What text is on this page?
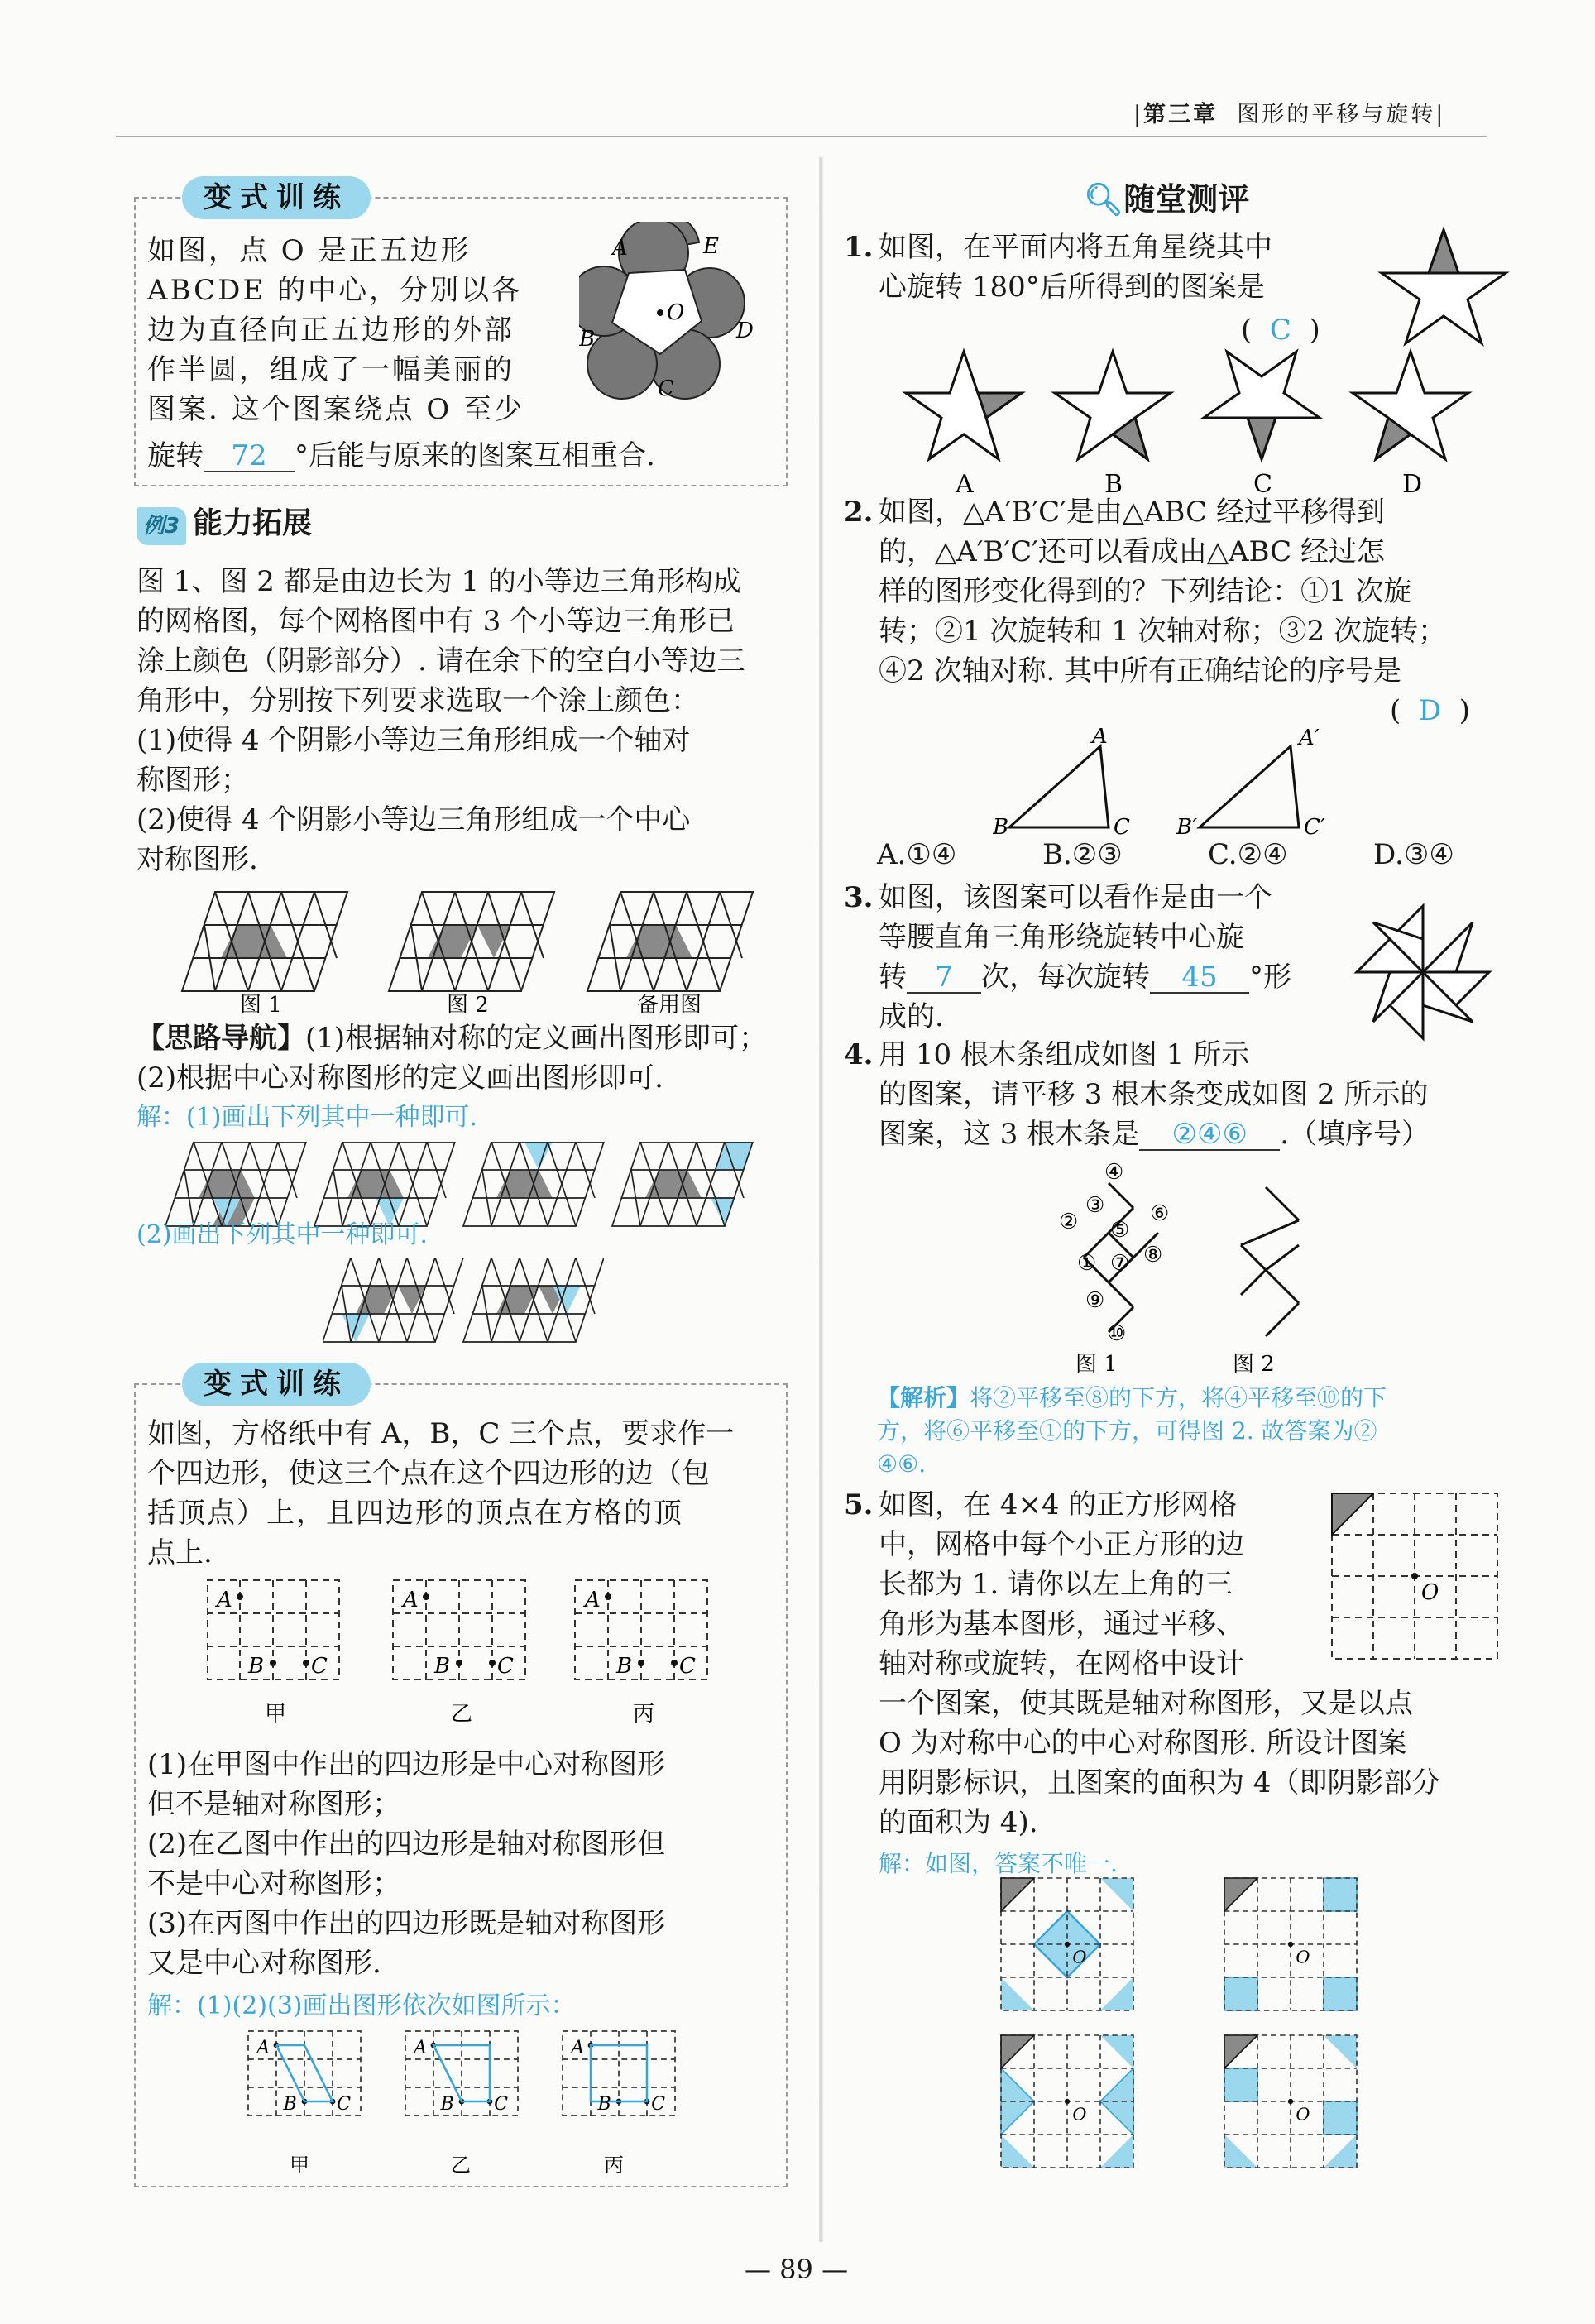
|第三章 图形的平移与旋转|
变式训练
如图，点 O 是正五边形
ABCDE 的中心，分别以各
边为直径向正五边形的外部
作半圆，组成了一幅美丽的
图案. 这个图案绕点 O 至少
旋转 72 °后能与原来的图案互相重合.
A	E
B	D
C
O
例3 能力拓展
图 1、图 2 都是由边长为 1 的小等边三角形构成
的网格图，每个网格图中有 3 个小等边三角形已
涂上颜色（阴影部分）. 请在余下的空白小等边三
角形中，分别按下列要求选取一个涂上颜色：
(1)使得 4 个阴影小等边三角形组成一个轴对
称图形；
(2)使得 4 个阴影小等边三角形组成一个中心
对称图形.
图 1	图 2	备用图
【思路导航】(1)根据轴对称的定义画出图形即可；
(2)根据中心对称图形的定义画出图形即可.
解：(1)画出下列其中一种即可.
(2)画出下列其中一种即可.
变式训练
如图，方格纸中有 A，B，C 三个点，要求作一
个四边形，使这三个点在这个四边形的边（包
括顶点）上，且四边形的顶点在方格的顶
点上.
A
B C
A
B C
A
B C
甲	乙	丙
(1)在甲图中作出的四边形是中心对称图形
但不是轴对称图形；
(2)在乙图中作出的四边形是轴对称图形但
不是中心对称图形；
(3)在丙图中作出的四边形既是轴对称图形
又是中心对称图形.
解：(1)(2)(3)画出图形依次如图所示：
A
B C
A
B C
A
B C
甲	乙	丙
🔍︎随堂测评
1. 如图，在平面内将五角星绕其中
心旋转 180°后所得到的图案是
(  C  )
A	B	C	D
2. 如图，△A′B′C′是由△ABC 经过平移得到
的，△A′B′C′还可以看成由△ABC 经过怎
样的图形变化得到的？下列结论：①1 次旋
转；②1 次旋转和 1 次轴对称；③2 次旋转；
④2 次轴对称. 其中所有正确结论的序号是
(  D  )
A
B	C
A′
B′	C′
A.①④	B.②③	C.②④	D.③④
3. 如图，该图案可以看作是由一个
等腰直角三角形绕旋转中心旋
转 7 次，每次旋转 45 °形
成的.
4. 用 10 根木条组成如图 1 所示
的图案，请平移 3 根木条变成如图 2 所示的
图案，这 3 根木条是 ②④⑥ .（填序号）
①
②
③
④
⑤
⑥
⑦ ⑧
⑨
⑩
图 1	图 2
【解析】将②平移至⑧的下方，将④平移至⑩的下
方，将⑥平移至①的下方，可得图 2. 故答案为②
④⑥.
5. 如图，在 4×4 的正方形网格
中，网格中每个小正方形的边
长都为 1. 请你以左上角的三
角形为基本图形，通过平移、
轴对称或旋转，在网格中设计
一个图案，使其既是轴对称图形，又是以点
O 为对称中心的中心对称图形. 所设计图案
用阴影标识，且图案的面积为 4（即阴影部分
的面积为 4).
解：如图，答案不唯一.
O
O	O
O	O
— 89 —
